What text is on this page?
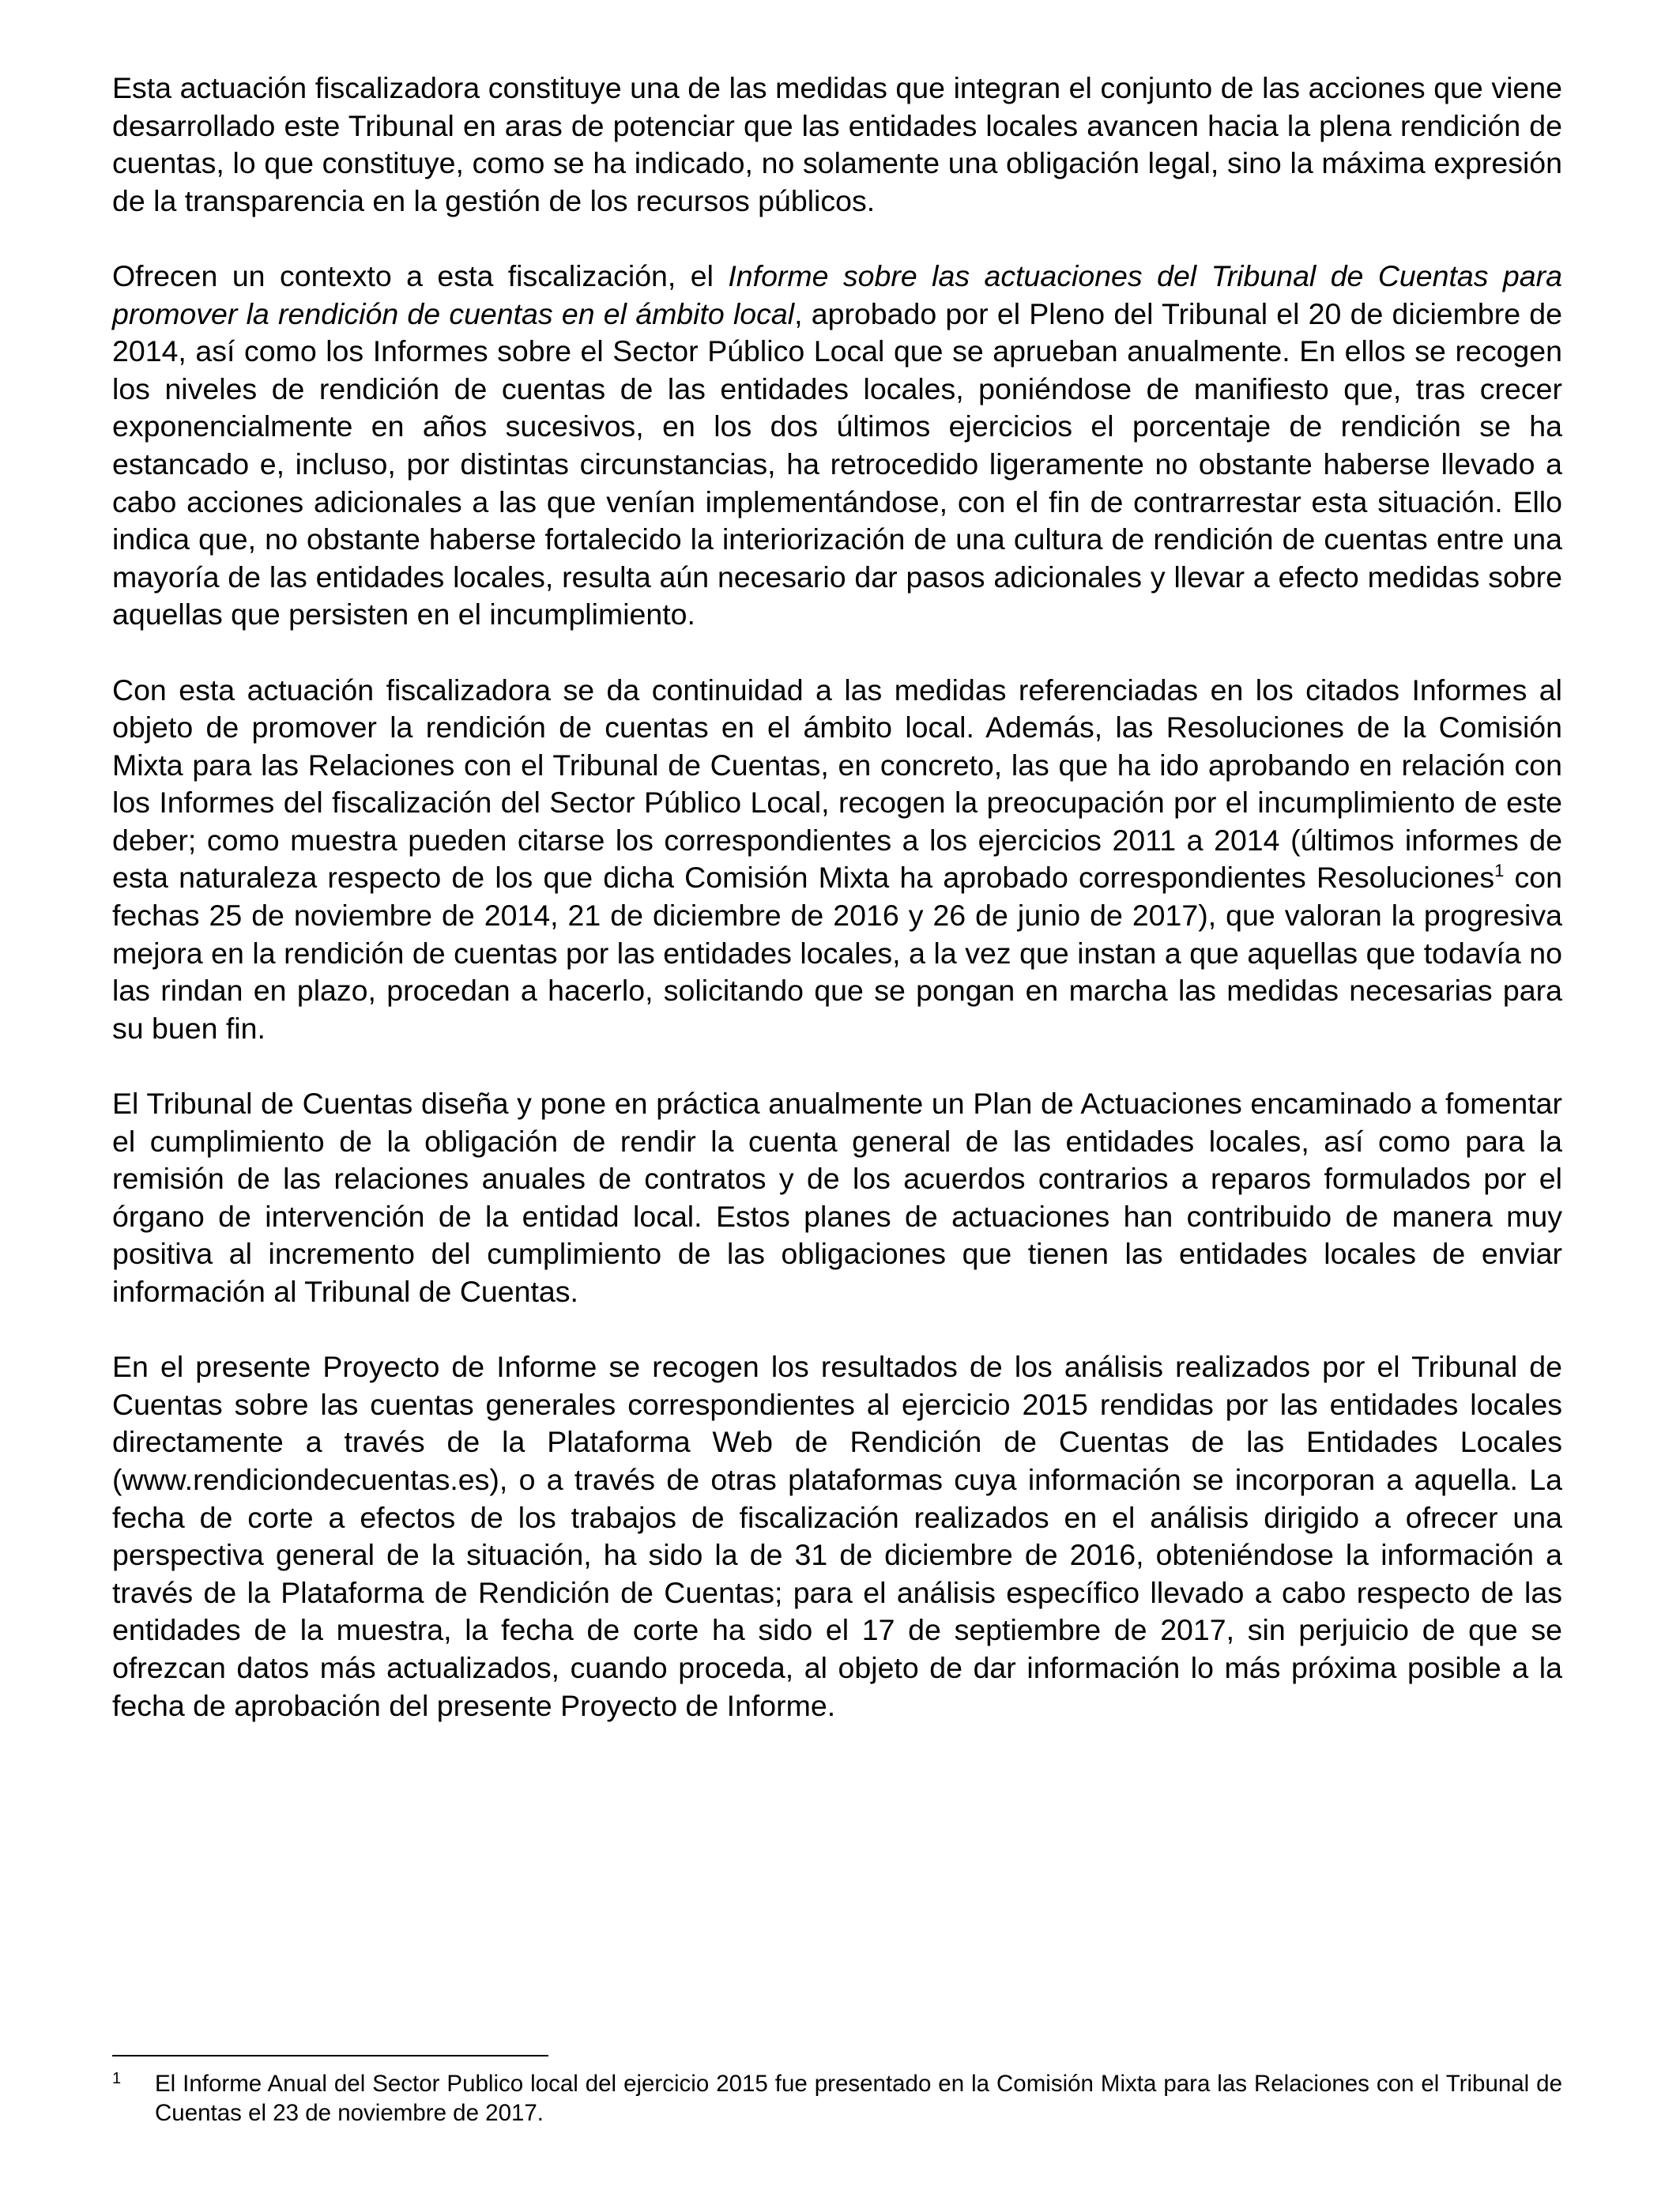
Esta actuación fiscalizadora constituye una de las medidas que integran el conjunto de las acciones que viene desarrollado este Tribunal en aras de potenciar que las entidades locales avancen hacia la plena rendición de cuentas, lo que constituye, como se ha indicado, no solamente una obligación legal, sino la máxima expresión de la transparencia en la gestión de los recursos públicos.

Ofrecen un contexto a esta fiscalización, el Informe sobre las actuaciones del Tribunal de Cuentas para promover la rendición de cuentas en el ámbito local, aprobado por el Pleno del Tribunal el 20 de diciembre de 2014, así como los Informes sobre el Sector Público Local que se aprueban anualmente. En ellos se recogen los niveles de rendición de cuentas de las entidades locales, poniéndose de manifiesto que, tras crecer exponencialmente en años sucesivos, en los dos últimos ejercicios el porcentaje de rendición se ha estancado e, incluso, por distintas circunstancias, ha retrocedido ligeramente no obstante haberse llevado a cabo acciones adicionales a las que venían implementándose, con el fin de contrarrestar esta situación. Ello indica que, no obstante haberse fortalecido la interiorización de una cultura de rendición de cuentas entre una mayoría de las entidades locales, resulta aún necesario dar pasos adicionales y llevar a efecto medidas sobre aquellas que persisten en el incumplimiento.

Con esta actuación fiscalizadora se da continuidad a las medidas referenciadas en los citados Informes al objeto de promover la rendición de cuentas en el ámbito local. Además, las Resoluciones de la Comisión Mixta para las Relaciones con el Tribunal de Cuentas, en concreto, las que ha ido aprobando en relación con los Informes del fiscalización del Sector Público Local, recogen la preocupación por el incumplimiento de este deber; como muestra pueden citarse los correspondientes a los ejercicios 2011 a 2014 (últimos informes de esta naturaleza respecto de los que dicha Comisión Mixta ha aprobado correspondientes Resoluciones$^1$ con fechas 25 de noviembre de 2014, 21 de diciembre de 2016 y 26 de junio de 2017), que valoran la progresiva mejora en la rendición de cuentas por las entidades locales, a la vez que instan a que aquellas que todavía no las rindan en plazo, procedan a hacerlo, solicitando que se pongan en marcha las medidas necesarias para su buen fin.

El Tribunal de Cuentas diseña y pone en práctica anualmente un Plan de Actuaciones encaminado a fomentar el cumplimiento de la obligación de rendir la cuenta general de las entidades locales, así como para la remisión de las relaciones anuales de contratos y de los acuerdos contrarios a reparos formulados por el órgano de intervención de la entidad local. Estos planes de actuaciones han contribuido de manera muy positiva al incremento del cumplimiento de las obligaciones que tienen las entidades locales de enviar información al Tribunal de Cuentas.

En el presente Proyecto de Informe se recogen los resultados de los análisis realizados por el Tribunal de Cuentas sobre las cuentas generales correspondientes al ejercicio 2015 rendidas por las entidades locales directamente a través de la Plataforma Web de Rendición de Cuentas de las Entidades Locales (www.rendiciondecuentas.es), o a través de otras plataformas cuya información se incorporan a aquella. La fecha de corte a efectos de los trabajos de fiscalización realizados en el análisis dirigido a ofrecer una perspectiva general de la situación, ha sido la de 31 de diciembre de 2016, obteniéndose la información a través de la Plataforma de Rendición de Cuentas; para el análisis específico llevado a cabo respecto de las entidades de la muestra, la fecha de corte ha sido el 17 de septiembre de 2017, sin perjuicio de que se ofrezcan datos más actualizados, cuando proceda, al objeto de dar información lo más próxima posible a la fecha de aprobación del presente Proyecto de Informe.

1 El Informe Anual del Sector Publico local del ejercicio 2015 fue presentado en la Comisión Mixta para las Relaciones con el Tribunal de Cuentas el 23 de noviembre de 2017.
